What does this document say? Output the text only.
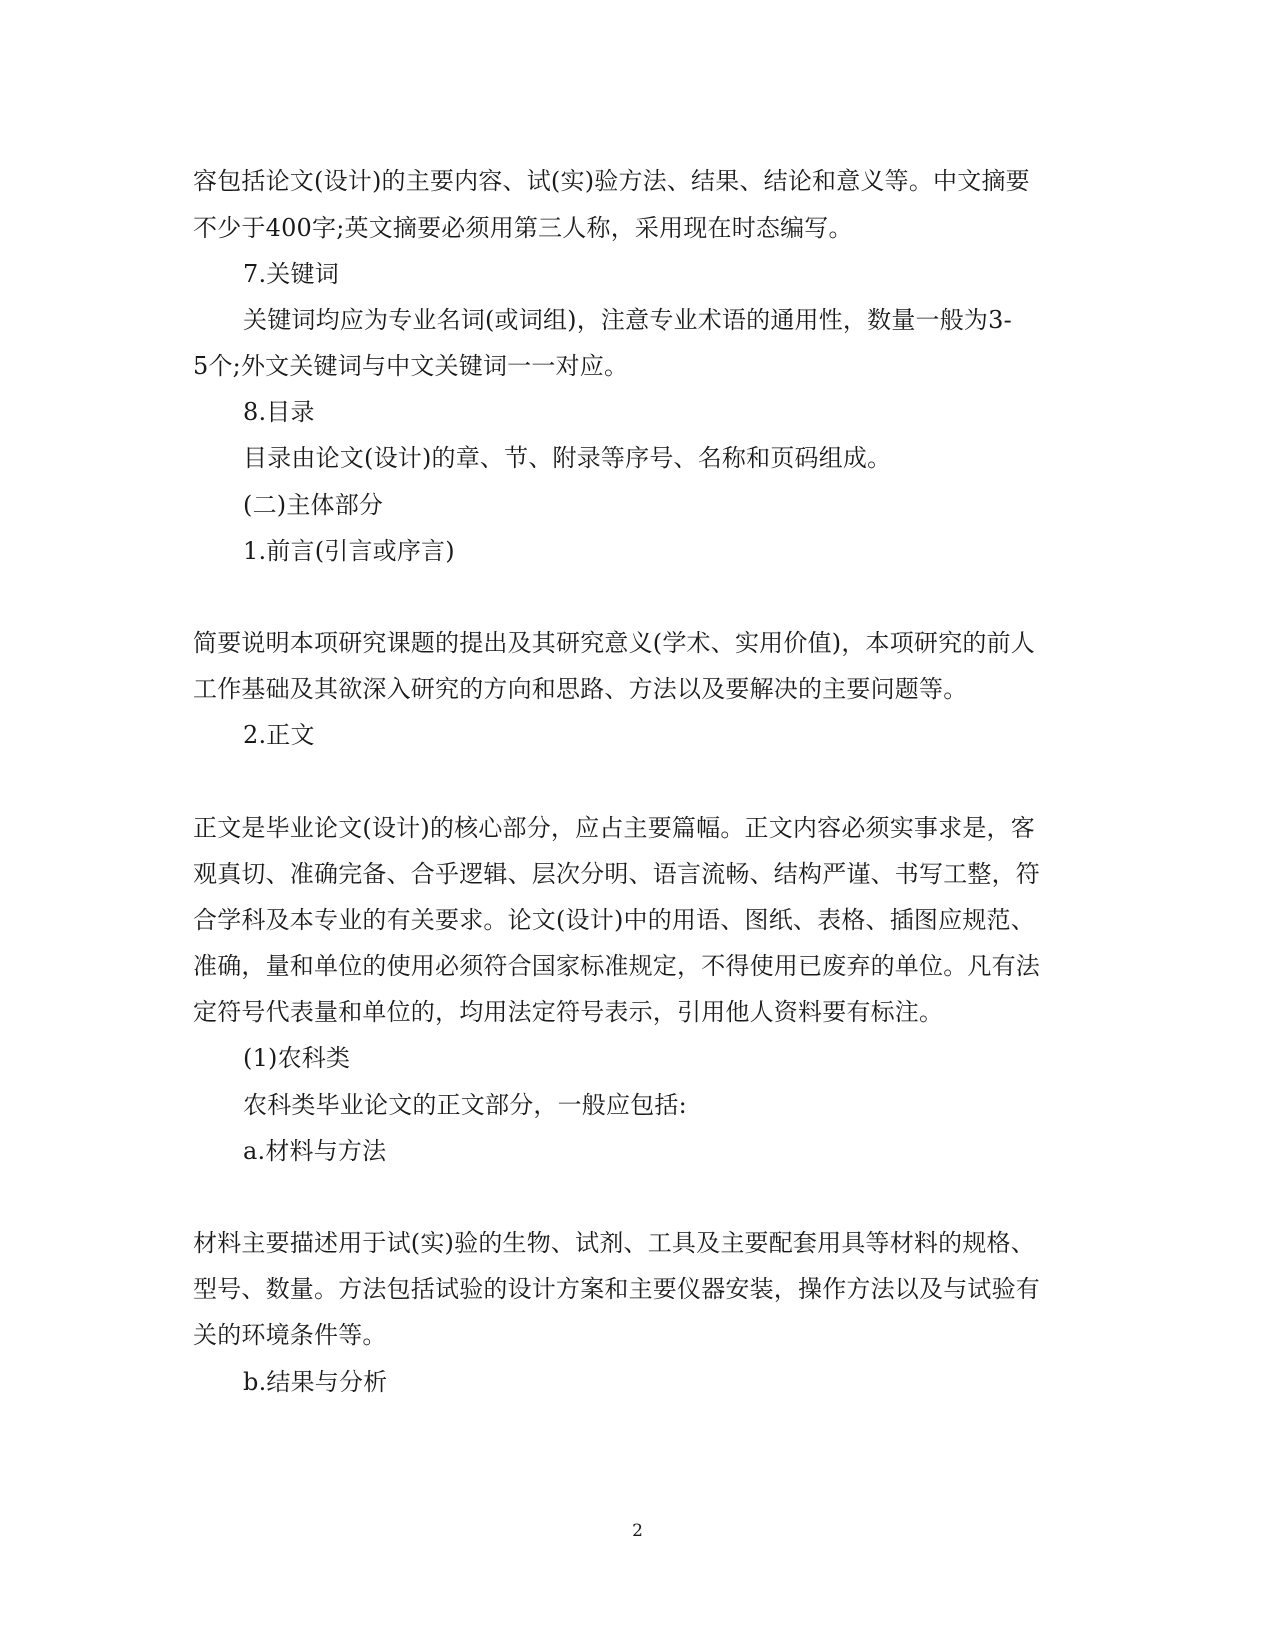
容包括论文(设计)的主要内容、试(实)验方法、结果、结论和意义等。中文摘要
不少于400字;英文摘要必须用第三人称，采用现在时态编写。
7.关键词
关键词均应为专业名词(或词组)，注意专业术语的通用性，数量一般为3-
5个;外文关键词与中文关键词一一对应。
8.目录
目录由论文(设计)的章、节、附录等序号、名称和页码组成。
(二)主体部分
1.前言(引言或序言)
简要说明本项研究课题的提出及其研究意义(学术、实用价值)，本项研究的前人
工作基础及其欲深入研究的方向和思路、方法以及要解决的主要问题等。
2.正文
正文是毕业论文(设计)的核心部分，应占主要篇幅。正文内容必须实事求是，客
观真切、准确完备、合乎逻辑、层次分明、语言流畅、结构严谨、书写工整，符
合学科及本专业的有关要求。论文(设计)中的用语、图纸、表格、插图应规范、
准确，量和单位的使用必须符合国家标准规定，不得使用已废弃的单位。凡有法
定符号代表量和单位的，均用法定符号表示，引用他人资料要有标注。
(1)农科类
农科类毕业论文的正文部分，一般应包括:
a.材料与方法
材料主要描述用于试(实)验的生物、试剂、工具及主要配套用具等材料的规格、
型号、数量。方法包括试验的设计方案和主要仪器安装，操作方法以及与试验有
关的环境条件等。
b.结果与分析
2
